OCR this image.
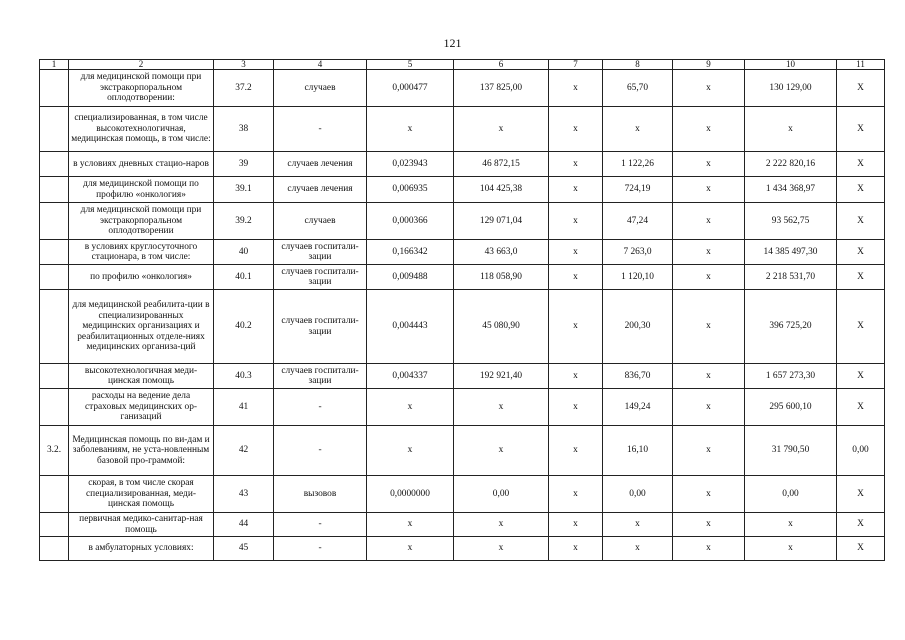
121
1	2	3	4	5	6	7	8	9	10	11
	для медицинской помощи при экстракорпоральном оплодотворении:	37.2	случаев	0,000477	137 825,00	х	65,70	х	130 129,00	Х
	специализированная, в том числе высокотехнологичная, медицинская помощь, в том числе:	38	-	х	х	х	х	х	х	Х
	в условиях дневных стацио-наров	39	случаев лечения	0,023943	46 872,15	х	1 122,26	х	2 222 820,16	Х
	для медицинской помощи по профилю «онкология»	39.1	случаев лечения	0,006935	104 425,38	х	724,19	х	1 434 368,97	Х
	для медицинской помощи при экстракорпоральном оплодотворении	39.2	случаев	0,000366	129 071,04	х	47,24	х	93 562,75	Х
	в условиях круглосуточного стационара, в том числе:	40	случаев госпитали-зации	0,166342	43 663,0	х	7 263,0	х	14 385 497,30	Х
	по профилю «онкология»	40.1	случаев госпитали-зации	0,009488	118 058,90	х	1 120,10	х	2 218 531,70	Х
	для медицинской реабилита-ции в специализированных медицинских организациях и реабилитационных отделе-ниях медицинских организа-ций	40.2	случаев госпитали-зации	0,004443	45 080,90	х	200,30	х	396 725,20	Х
	высокотехнологичная меди-цинская помощь	40.3	случаев госпитали-зации	0,004337	192 921,40	х	836,70	х	1 657 273,30	Х
	расходы на ведение дела страховых медицинских ор-ганизаций	41	-	х	х	х	149,24	х	295 600,10	Х
3.2.	Медицинская помощь по ви-дам и заболеваниям, не уста-новленным базовой про-граммой:	42	-	х	х	х	16,10	х	31 790,50	0,00
	скорая, в том числе скорая специализированная, меди-цинская помощь	43	вызовов	0,0000000	0,00	х	0,00	х	0,00	Х
	первичная медико-санитар-ная помощь	44	-	х	х	х	х	х	х	Х
	в амбулаторных условиях:	45	-	х	х	х	х	х	х	Х
